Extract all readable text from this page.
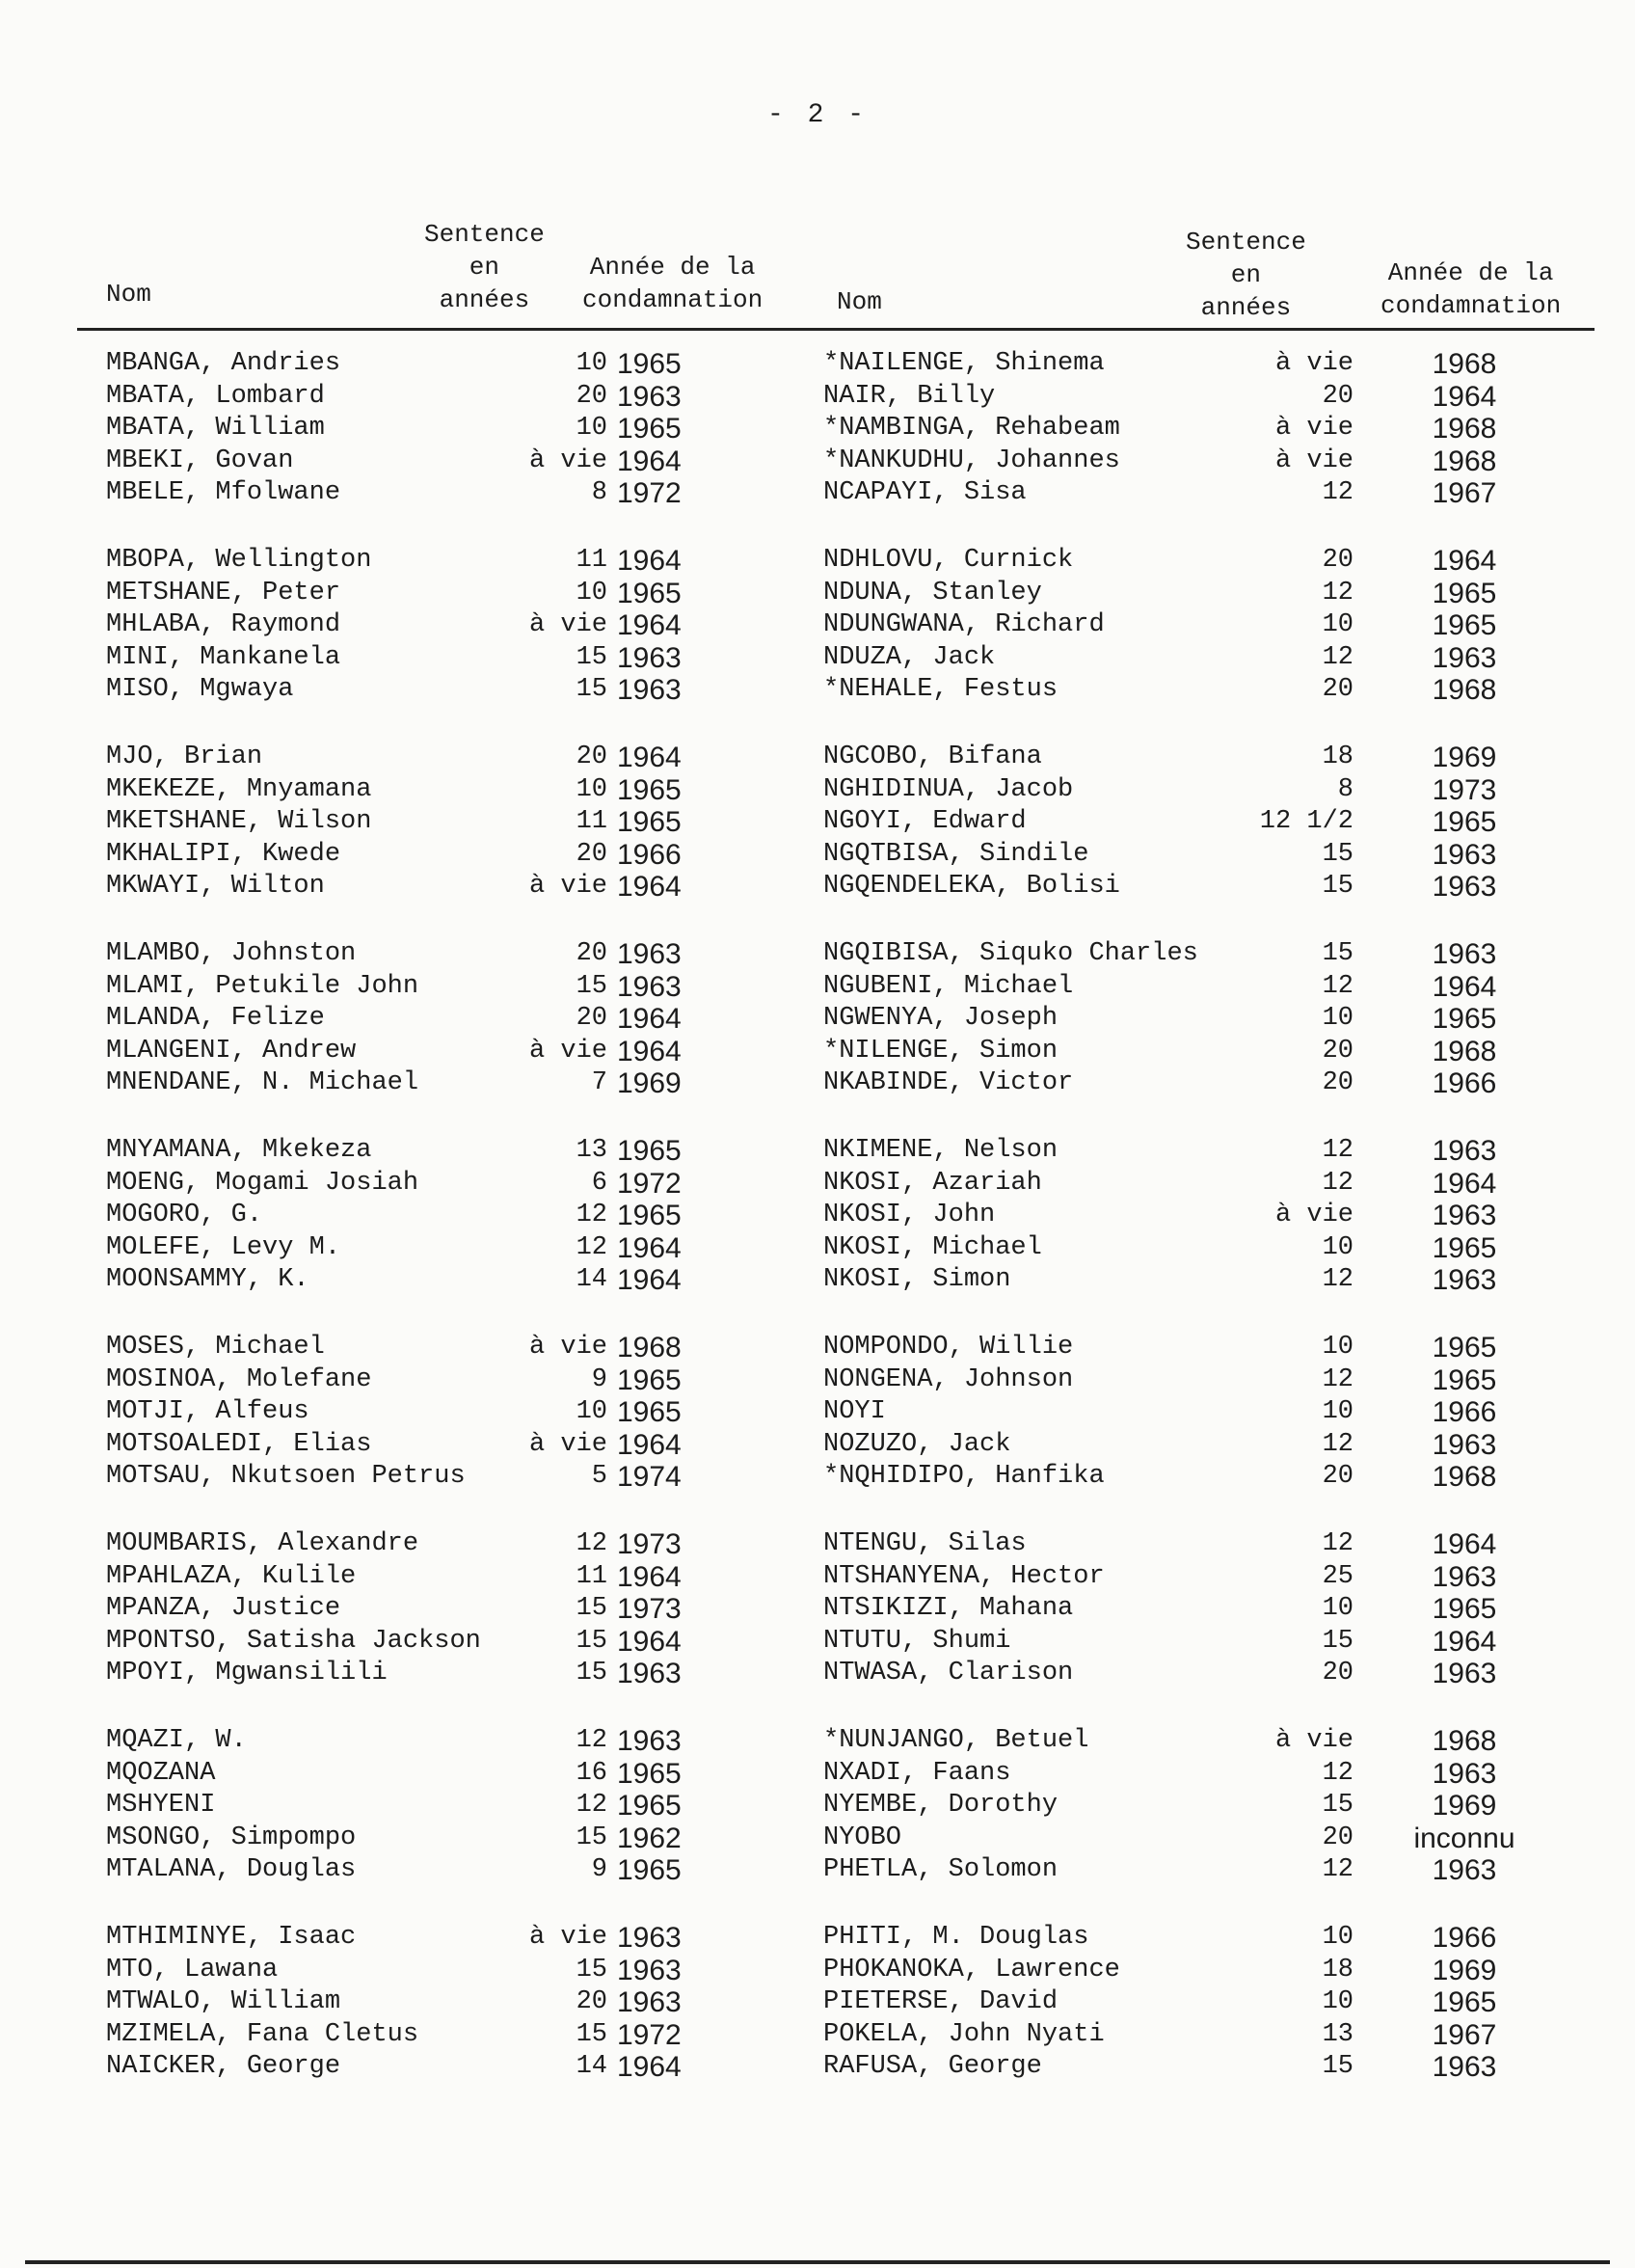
- 2 -
Sentence
en
années
Année de la
condamnation
Nom
MBANGA, Andries	10 1965
MBATA, Lombard	20 1963
MBATA, William	10 1965
MBEKI, Govan	à vie 1964
MBELE, Mfolwane	8 1972
MBOPA, Wellington	11 1964
METSHANE, Peter	10 1965
MHLABA, Raymond	à vie 1964
MINI, Mankanela	15 1963
MISO, Mgwaya	15 1963
MJO, Brian	20 1964
MKEKEZE, Mnyamana	10 1965
MKETSHANE, Wilson	11 1965
MKHALIPI, Kwede	20 1966
MKWAYI, Wilton	à vie 1964
MLAMBO, Johnston	20 1963
MLAMI, Petukile John	15 1963
MLANDA, Felize	20 1964
MLANGENI, Andrew	à vie 1964
MNENDANE, N. Michael	7 1969
MNYAMANA, Mkekeza	13 1965
MOENG, Mogami Josiah	6 1972
MOGORO, G.	12 1965
MOLEFE, Levy M.	12 1964
MOONSAMMY, K.	14 1964
MOSES, Michael	à vie 1968
MOSINOA, Molefane	9 1965
MOTJI, Alfeus	10 1965
MOTSOALEDI, Elias	à vie 1964
MOTSAU, Nkutsoen Petrus	5 1974
MOUMBARIS, Alexandre	12 1973
MPAHLAZA, Kulile	11 1964
MPANZA, Justice	15 1973
MPONTSO, Satisha Jackson	15 1964
MPOYI, Mgwansilili	15 1963
MQAZI, W.	12 1963
MQOZANA	16 1965
MSHYENI	12 1965
MSONGO, Simpompo	15 1962
MTALANA, Douglas	9 1965
MTHIMINYE, Isaac	à vie 1963
MTO, Lawana	15 1963
MTWALO, William	20 1963
MZIMELA, Fana Cletus	15 1972
NAICKER, George	14 1964
Sentence
en
années
Année de la
condamnation
Nom
*NAILENGE, Shinema	à vie	1968
NAIR, Billy	20	1964
*NAMBINGA, Rehabeam	à vie	1968
*NANKUDHU, Johannes	à vie	1968
NCAPAYI, Sisa	12	1967
NDHLOVU, Curnick	20	1964
NDUNA, Stanley	12	1965
NDUNGWANA, Richard	10	1965
NDUZA, Jack	12	1963
*NEHALE, Festus	20	1968
NGCOBO, Bifana	18	1969
NGHIDINUA, Jacob	8	1973
NGOYI, Edward	12 1/2	1965
NGQTBISA, Sindile	15	1963
NGQENDELEKA, Bolisi	15	1963
NGQIBISA, Siquko Charles	15	1963
NGUBENI, Michael	12	1964
NGWENYA, Joseph	10	1965
*NILENGE, Simon	20	1968
NKABINDE, Victor	20	1966
NKIMENE, Nelson	12	1963
NKOSI, Azariah	12	1964
NKOSI, John	à vie	1963
NKOSI, Michael	10	1965
NKOSI, Simon	12	1963
NOMPONDO, Willie	10	1965
NONGENA, Johnson	12	1965
NOYI	10	1966
NOZUZO, Jack	12	1963
*NQHIDIPO, Hanfika	20	1968
NTENGU, Silas	12	1964
NTSHANYENA, Hector	25	1963
NTSIKIZI, Mahana	10	1965
NTUTU, Shumi	15	1964
NTWASA, Clarison	20	1963
*NUNJANGO, Betuel	à vie	1968
NXADI, Faans	12	1963
NYEMBE, Dorothy	15	1969
NYOBO	20	inconnu
PHETLA, Solomon	12	1963
PHITI, M. Douglas	10	1966
PHOKANOKA, Lawrence	18	1969
PIETERSE, David	10	1965
POKELA, John Nyati	13	1967
RAFUSA, George	15	1963
